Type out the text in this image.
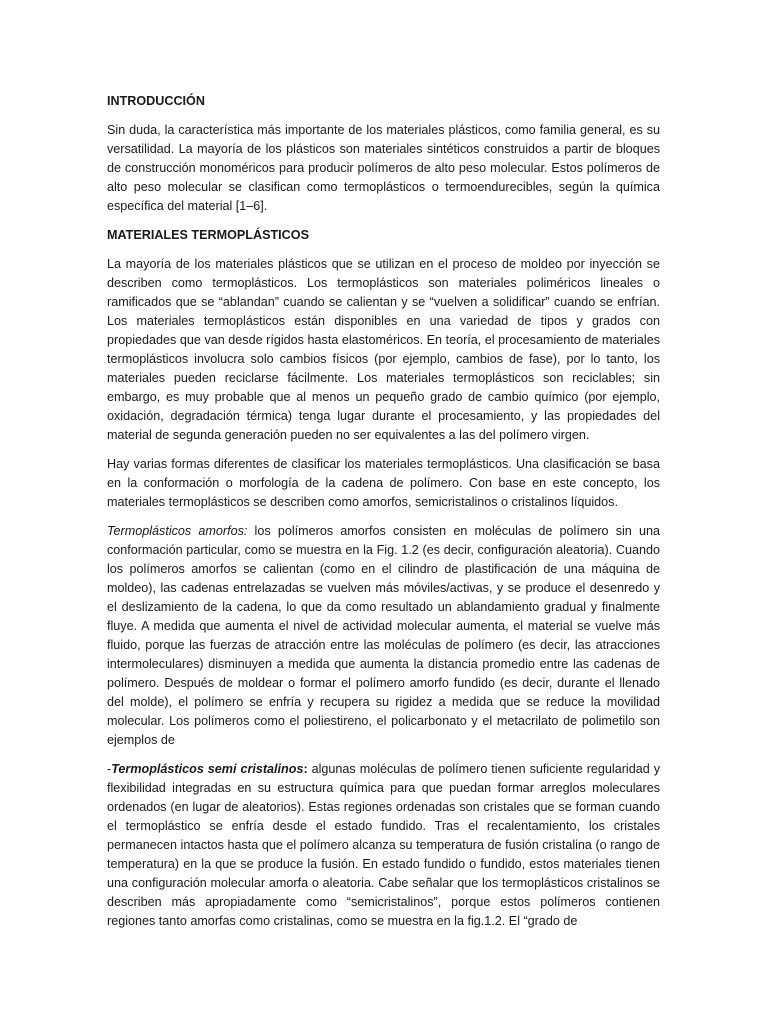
INTRODUCCIÓN

Sin duda, la característica más importante de los materiales plásticos, como familia general, es su versatilidad. La mayoría de los plásticos son materiales sintéticos construidos a partir de bloques de construcción monoméricos para producir polímeros de alto peso molecular. Estos polímeros de alto peso molecular se clasifican como termoplásticos o termoendurecibles, según la química específica del material [1–6].

MATERIALES TERMOPLÁSTICOS

La mayoría de los materiales plásticos que se utilizan en el proceso de moldeo por inyección se describen como termoplásticos. Los termoplásticos son materiales poliméricos lineales o ramificados que se “ablandan” cuando se calientan y se “vuelven a solidificar” cuando se enfrían. Los materiales termoplásticos están disponibles en una variedad de tipos y grados con propiedades que van desde rígidos hasta elastoméricos. En teoría, el procesamiento de materiales termoplásticos involucra solo cambios físicos (por ejemplo, cambios de fase), por lo tanto, los materiales pueden reciclarse fácilmente. Los materiales termoplásticos son reciclables; sin embargo, es muy probable que al menos un pequeño grado de cambio químico (por ejemplo, oxidación, degradación térmica) tenga lugar durante el procesamiento, y las propiedades del material de segunda generación pueden no ser equivalentes a las del polímero virgen.

Hay varias formas diferentes de clasificar los materiales termoplásticos. Una clasificación se basa en la conformación o morfología de la cadena de polímero. Con base en este concepto, los materiales termoplásticos se describen como amorfos, semicristalinos o cristalinos líquidos.

Termoplásticos amorfos: los polímeros amorfos consisten en moléculas de polímero sin una conformación particular, como se muestra en la Fig. 1.2 (es decir, configuración aleatoria). Cuando los polímeros amorfos se calientan (como en el cilindro de plastificación de una máquina de moldeo), las cadenas entrelazadas se vuelven más móviles/activas, y se produce el desenredo y el deslizamiento de la cadena, lo que da como resultado un ablandamiento gradual y finalmente fluye. A medida que aumenta el nivel de actividad molecular aumenta, el material se vuelve más fluido, porque las fuerzas de atracción entre las moléculas de polímero (es decir, las atracciones intermoleculares) disminuyen a medida que aumenta la distancia promedio entre las cadenas de polímero. Después de moldear o formar el polímero amorfo fundido (es decir, durante el llenado del molde), el polímero se enfría y recupera su rigidez a medida que se reduce la movilidad molecular. Los polímeros como el poliestireno, el policarbonato y el metacrilato de polimetilo son ejemplos de

-Termoplásticos semi cristalinos: algunas moléculas de polímero tienen suficiente regularidad y flexibilidad integradas en su estructura química para que puedan formar arreglos moleculares ordenados (en lugar de aleatorios). Estas regiones ordenadas son cristales que se forman cuando el termoplástico se enfría desde el estado fundido. Tras el recalentamiento, los cristales permanecen intactos hasta que el polímero alcanza su temperatura de fusión cristalina (o rango de temperatura) en la que se produce la fusión. En estado fundido o fundido, estos materiales tienen una configuración molecular amorfa o aleatoria. Cabe señalar que los termoplásticos cristalinos se describen más apropiadamente como “semicristalinos”, porque estos polímeros contienen regiones tanto amorfas como cristalinas, como se muestra en la fig.1.2. El “grado de
